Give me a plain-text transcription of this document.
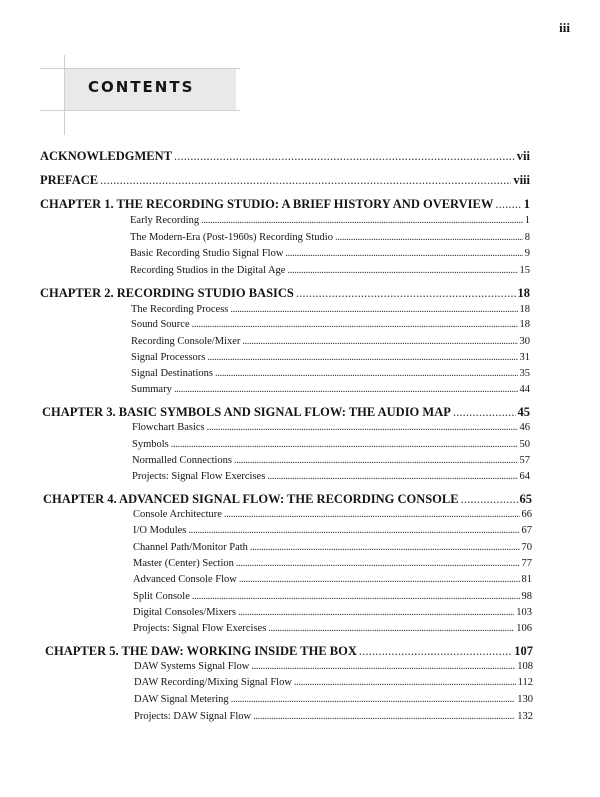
iii
CONTENTS
ACKNOWLEDGMENT . . .	vii
PREFACE . . .	viii
CHAPTER 1. THE RECORDING STUDIO: A BRIEF HISTORY AND OVERVIEW . . . 1
Early Recording . . .	1
The Modern-Era (Post-1960s) Recording Studio . . .	8
Basic Recording Studio Signal Flow . . .	9
Recording Studios in the Digital Age . . .	15
CHAPTER 2. RECORDING STUDIO BASICS . . .	18
The Recording Process . . .	18
Sound Source . . .	18
Recording Console/Mixer . . .	30
Signal Processors . . .	31
Signal Destinations . . .	35
Summary . . .	44
CHAPTER 3. BASIC SYMBOLS AND SIGNAL FLOW: THE AUDIO MAP . . .	45
Flowchart Basics . . .	46
Symbols . . .	50
Normalled Connections . . .	57
Projects: Signal Flow Exercises . . .	64
CHAPTER 4. ADVANCED SIGNAL FLOW: THE RECORDING CONSOLE . . .	65
Console Architecture . . .	66
I/O Modules . . .	67
Channel Path/Monitor Path . . .	70
Master (Center) Section . . .	77
Advanced Console Flow . . .	81
Split Console . . .	98
Digital Consoles/Mixers . . .	103
Projects: Signal Flow Exercises . . .	106
CHAPTER 5. THE DAW: WORKING INSIDE THE BOX . . .	107
DAW Systems Signal Flow . . .	108
DAW Recording/Mixing Signal Flow . . .	112
DAW Signal Metering . . .	130
Projects: DAW Signal Flow . . .	132
